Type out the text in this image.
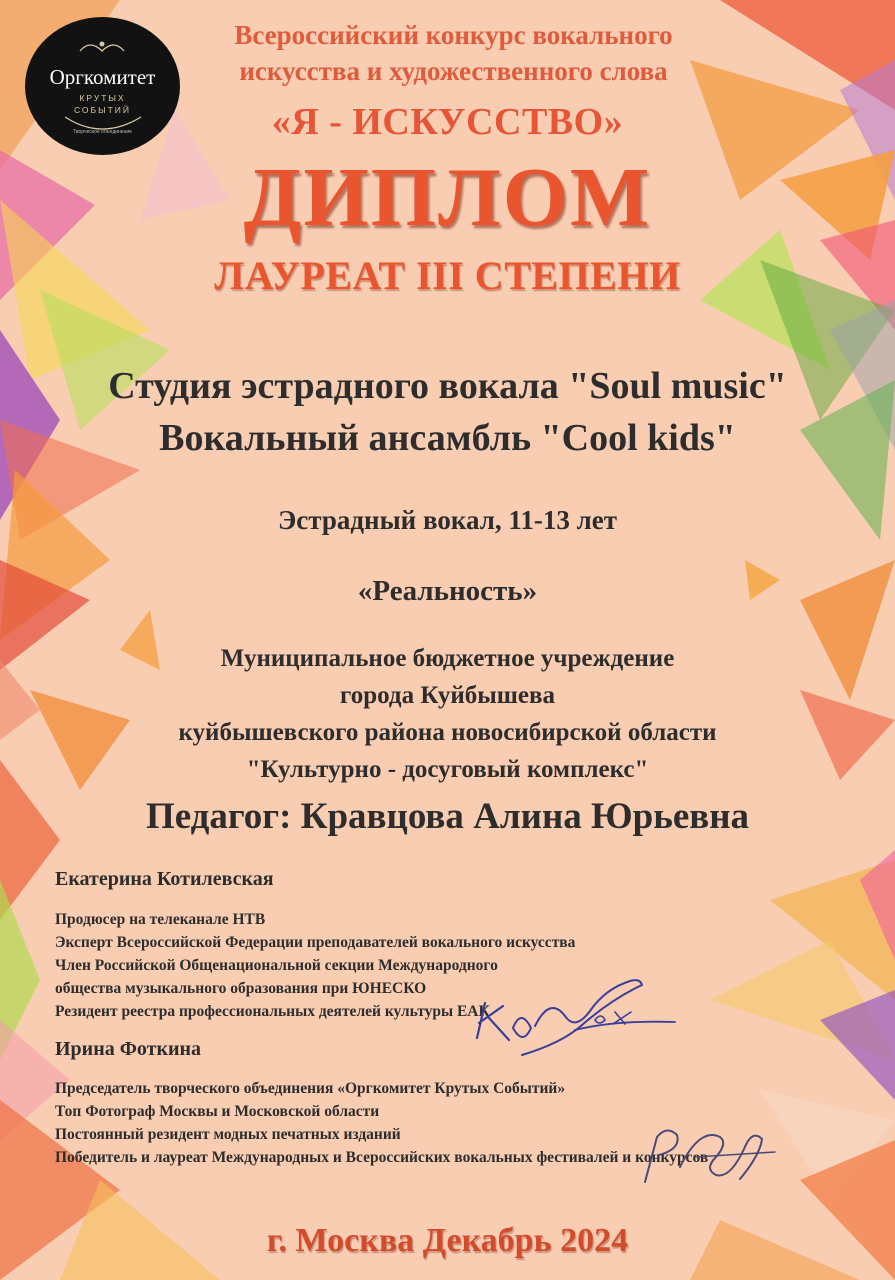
Оргкомитет
КРУТЫХ
СОБЫТИЙ
Творческое объединение
Всероссийский конкурс вокального
искусства и художественного слова
«Я - ИСКУССТВО»
ДИПЛОМ
ЛАУРЕАТ III СТЕПЕНИ
Студия эстрадного вокала "Soul music"
Вокальный ансамбль "Cool kids"
Эстрадный вокал, 11-13 лет
«Реальность»
Муниципальное бюджетное учреждение
города Куйбышева
куйбышевского района новосибирской области
"Культурно - досуговый комплекс"
Педагог: Кравцова Алина Юрьевна
Екатерина Котилевская
Продюсер на телеканале НТВ
Эксперт Всероссийской Федерации преподавателей вокального искусства
Член Российской Общенациональной секции Международного
общества музыкального образования при ЮНЕСКО
Резидент реестра профессиональных деятелей культуры ЕАК
Ирина Фоткина
Председатель творческого объединения «Оргкомитет Крутых Событий»
Топ Фотограф Москвы и Московской области
Постоянный резидент модных печатных изданий
Победитель и лауреат Международных и Всероссийских вокальных фестивалей и конкурсов
г. Москва Декабрь 2024
